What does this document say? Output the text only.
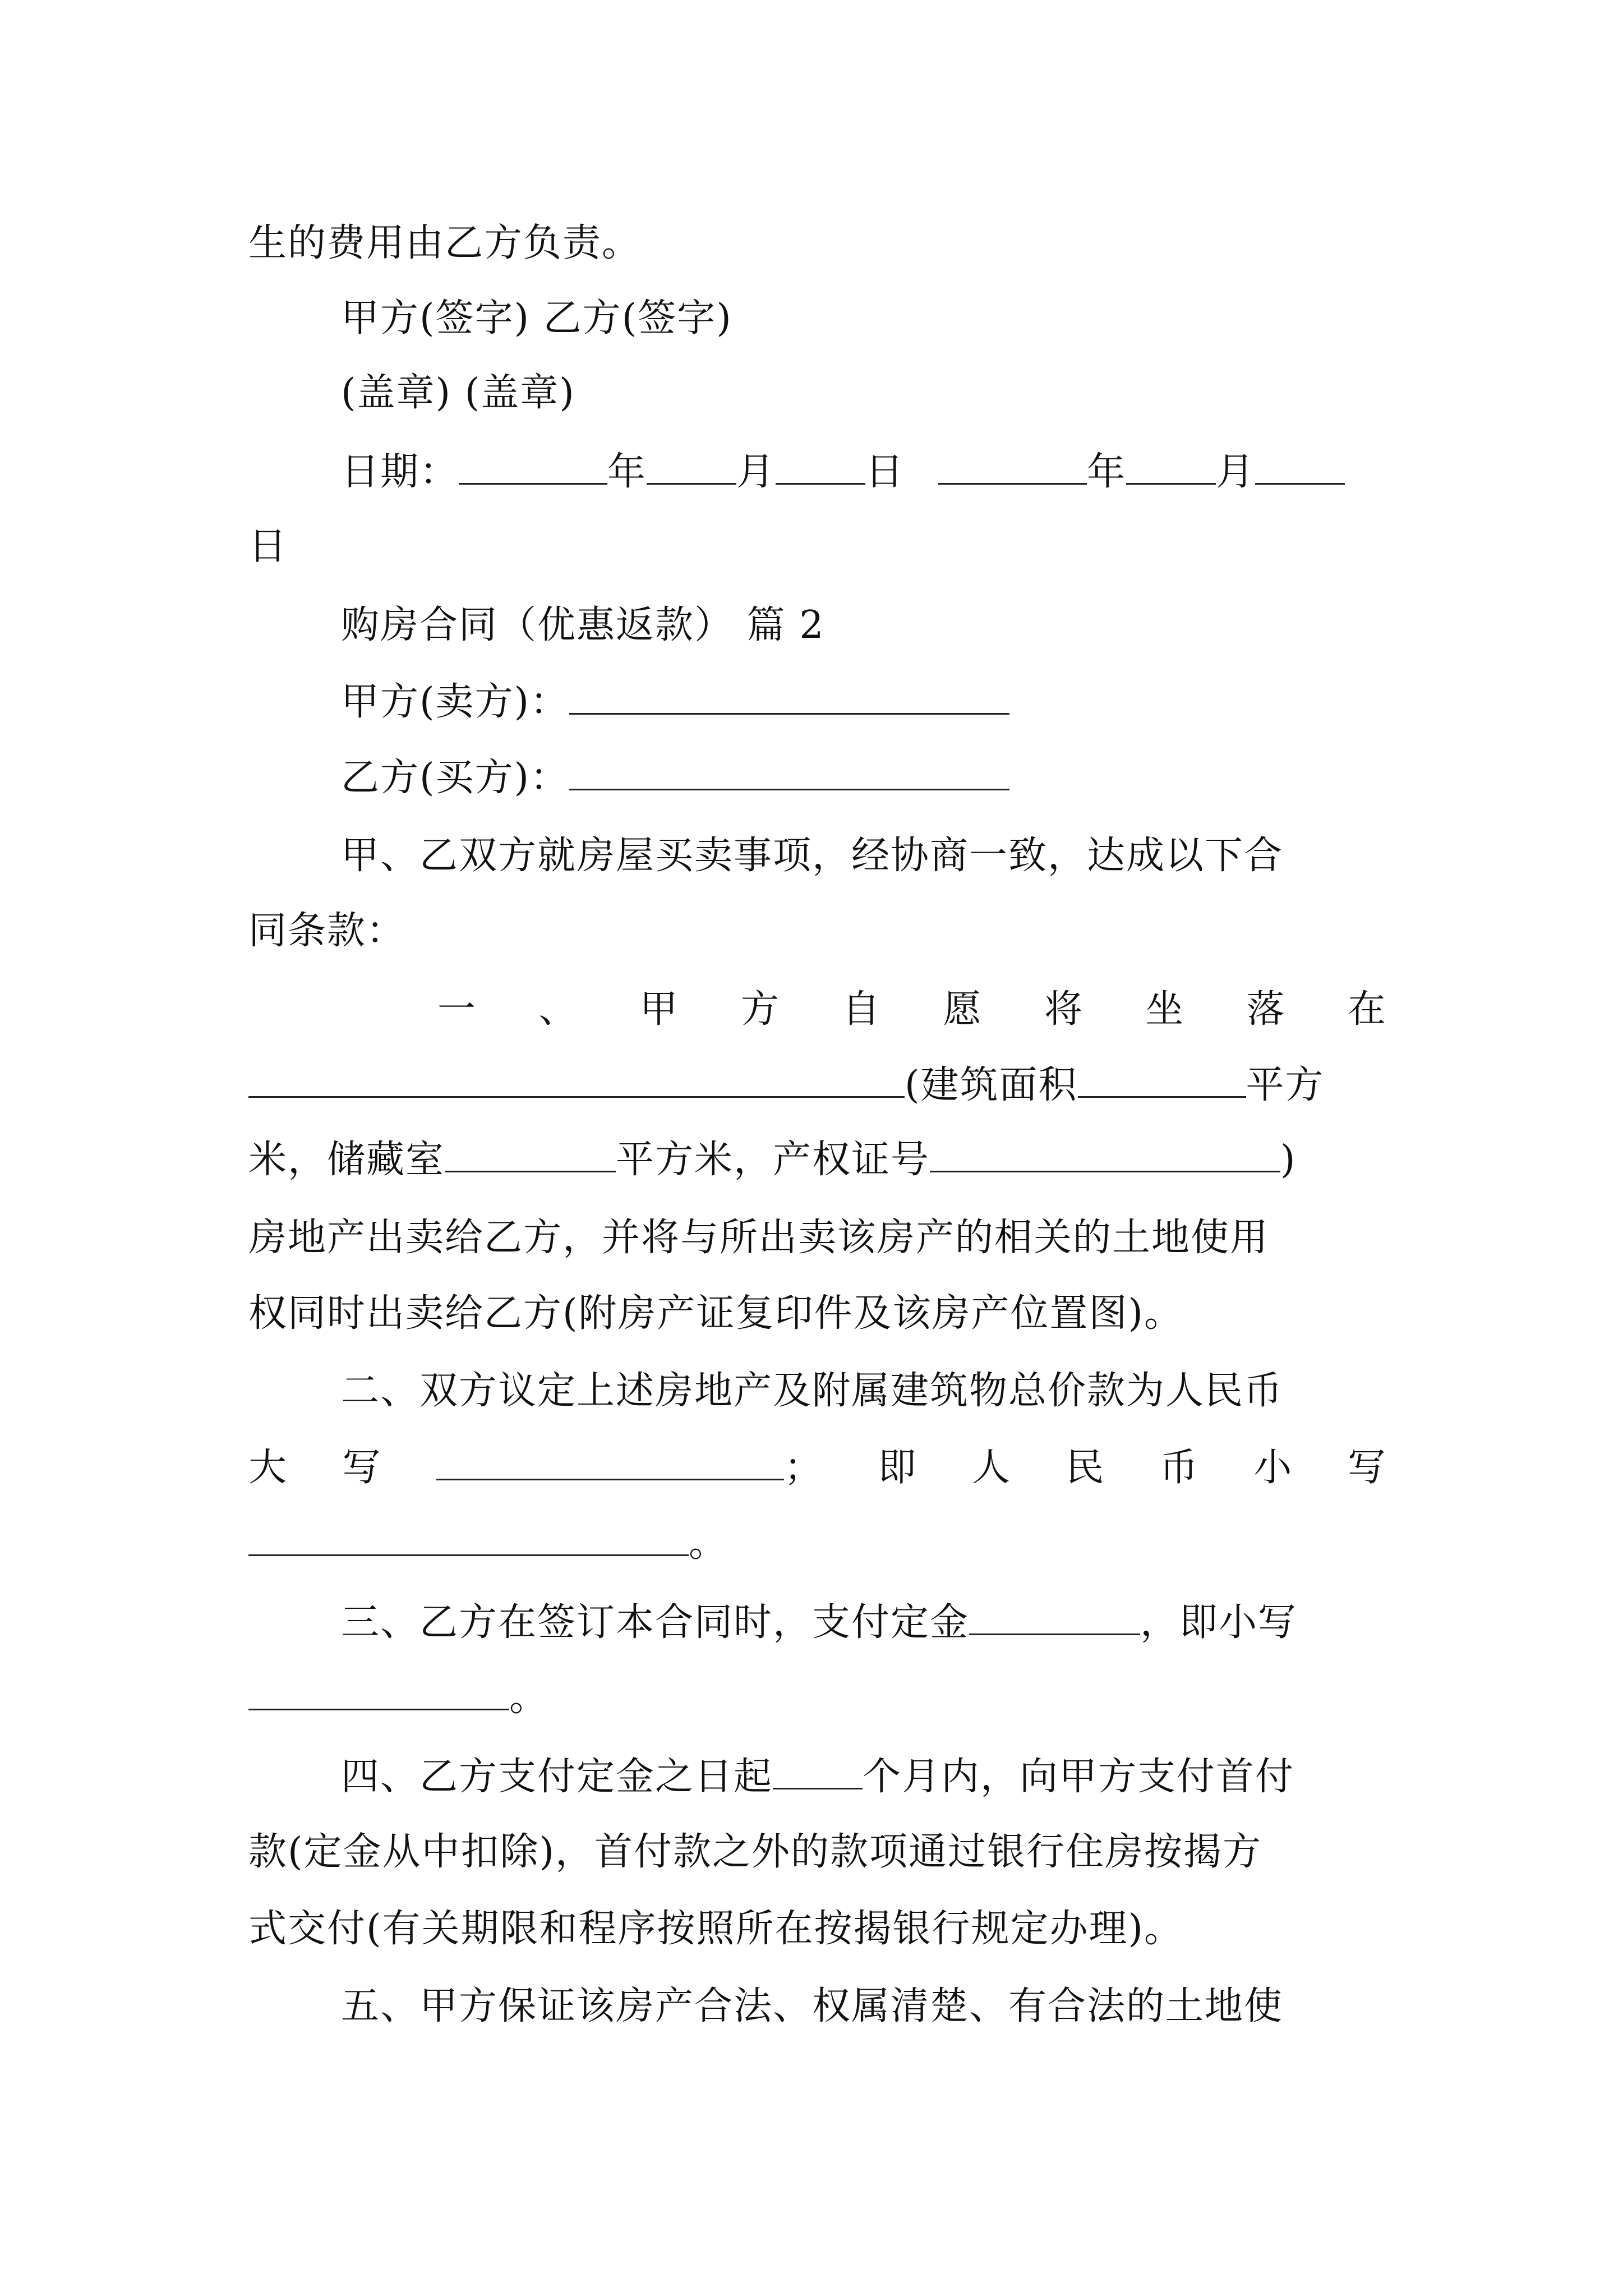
生的费用由乙方负责。
甲方(签字) 乙方(签字)
(盖章) (盖章)
日期：	年 月 日	年 月
日
购房合同（优惠返款） 篇 2
甲方(卖方)：
乙方(买方)：
甲、乙双方就房屋买卖事项，经协商一致，达成以下合
同条款：
一 、 甲 方 自 愿 将 坐 落 在
(建筑面积	平方
米，储藏室	平方米，产权证号	)
房地产出卖给乙方，并将与所出卖该房产的相关的土地使用
权同时出卖给乙方(附房产证复印件及该房产位置图)。
二、双方议定上述房地产及附属建筑物总价款为人民币
大 写	； 即 人 民 币 小 写
。
三、乙方在签订本合同时，支付定金	，即小写
。
四、乙方支付定金之日起 个月内，向甲方支付首付
款(定金从中扣除)，首付款之外的款项通过银行住房按揭方
式交付(有关期限和程序按照所在按揭银行规定办理)。
五、甲方保证该房产合法、权属清楚、有合法的土地使
